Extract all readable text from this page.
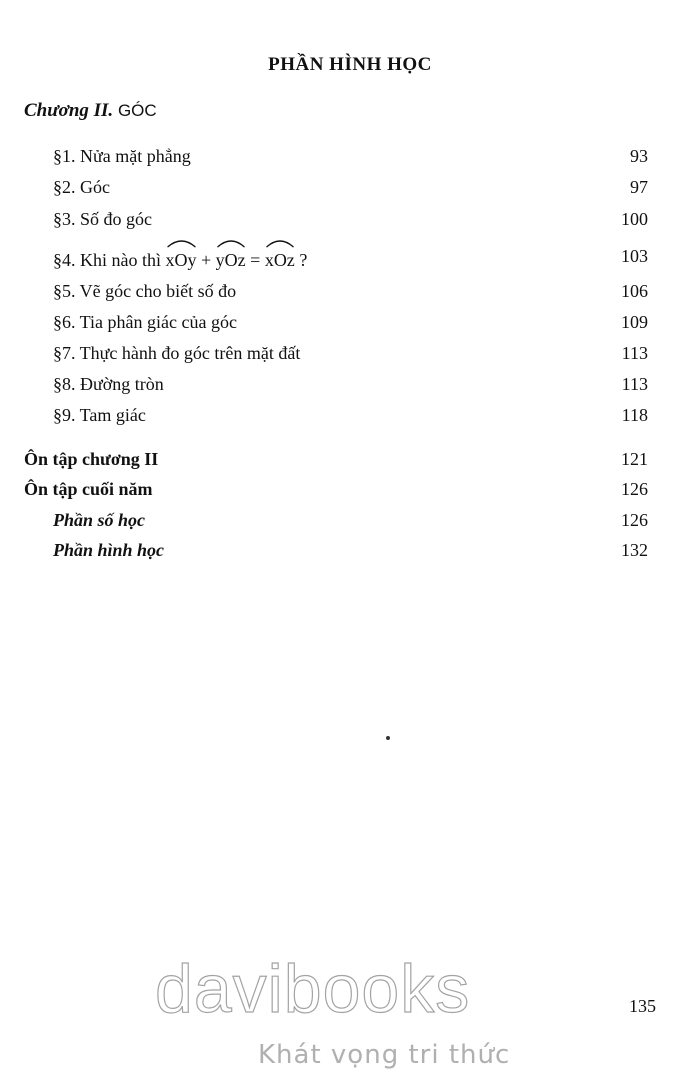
PHẦN HÌNH HỌC
Chương II. GÓC
§1. Nửa mặt phẳng	93
§2. Góc	97
§3. Số đo góc	100
§4. Khi nào thì xOy + yOz = xOz ?	103
§5. Vẽ góc cho biết số đo	106
§6. Tia phân giác của góc	109
§7. Thực hành đo góc trên mặt đất	113
§8. Đường tròn	113
§9. Tam giác	118
Ôn tập chương II	121
Ôn tập cuối năm	126
Phần số học	126
Phần hình học	132
135
davibooks
Khát vọng tri thức
